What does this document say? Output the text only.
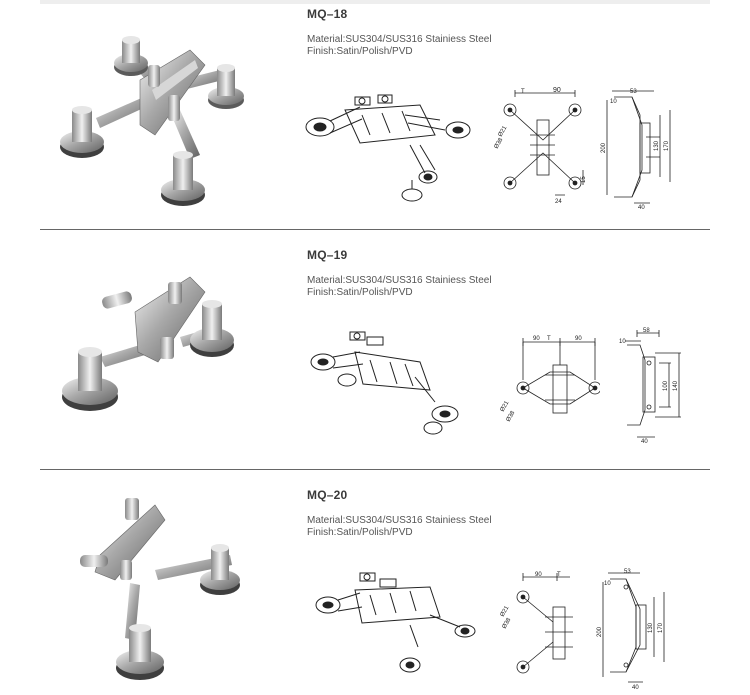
MQ–18
Material:SUS304/SUS316 Stainiess Steel
Finish:Satin/Polish/PVD
T	90
Ø21
Ø38
24
15
10
53
200	130 170
40
MQ–19
Material:SUS304/SUS316 Stainiess Steel
Finish:Satin/Polish/PVD
90 T	90
Ø21
Ø38
10
58
100 140
40
MQ–20
Material:SUS304/SUS316 Stainiess Steel
Finish:Satin/Polish/PVD
90	T
Ø21
Ø38
10
53
200	130 170
40
